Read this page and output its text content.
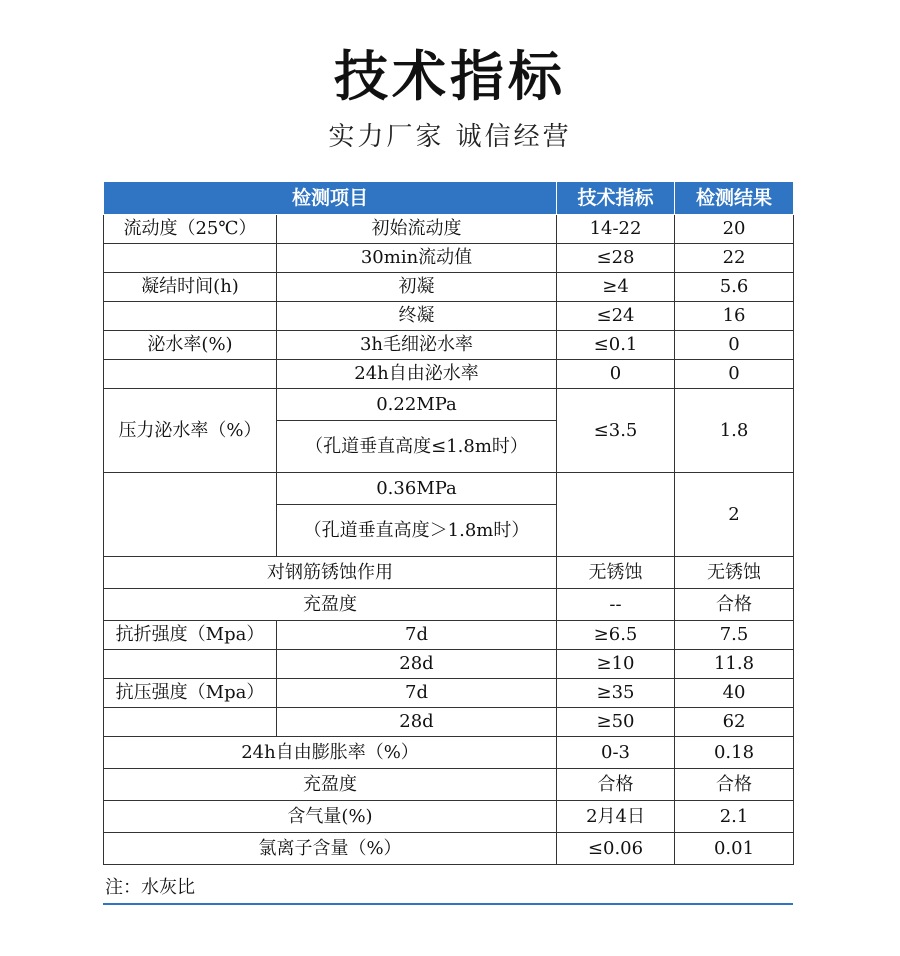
技术指标
实力厂家 诚信经营
检测项目		技术指标	检测结果
流动度（25℃）	初始流动度	14-22	20
	30min流动值	≤28	22
凝结时间(h)	初凝	≥4	5.6
	终凝	≤24	16
泌水率(%)	3h毛细泌水率	≤0.1	0
	24h自由泌水率	0	0
压力泌水率（%）	0.22MPa	≤3.5	1.8
	（孔道垂直高度≤1.8m时）		
	0.36MPa		2
	（孔道垂直高度＞1.8m时）		
对钢筋锈蚀作用		无锈蚀	无锈蚀
充盈度		--	合格
抗折强度（Mpa）	7d	≥6.5	7.5
	28d	≥10	11.8
抗压强度（Mpa）	7d	≥35	40
	28d	≥50	62
24h自由膨胀率（%）		0-3	0.18
充盈度		合格	合格
含气量(%)		2月4日	2.1
氯离子含量（%）		≤0.06	0.01
注：水灰比
